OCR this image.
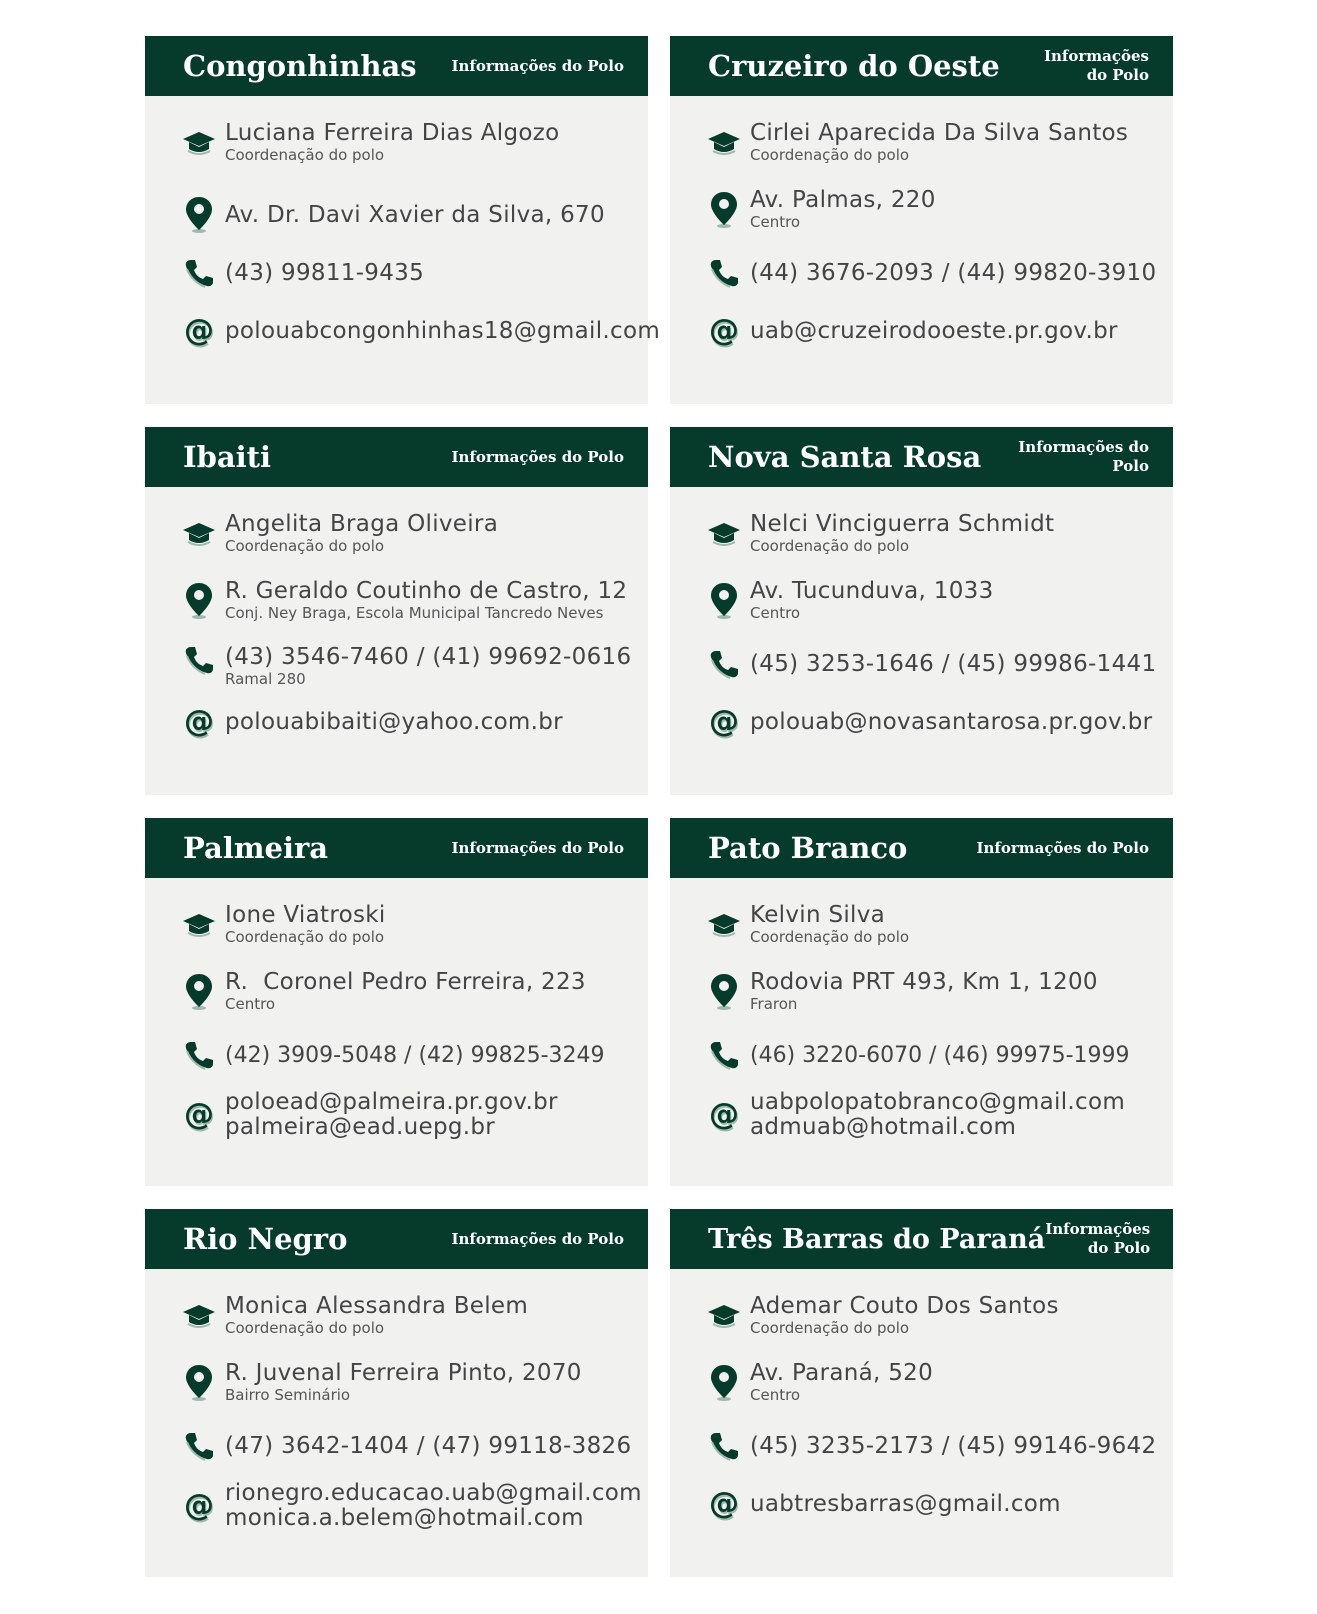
Congonhinhas Informações do Polo
Luciana Ferreira Dias Algozo
Coordenação do polo
Av. Dr. Davi Xavier da Silva, 670
(43) 99811-9435
@ polouabcongonhinhas18@gmail.com
Cruzeiro do Oeste	Informações
do Polo
Cirlei Aparecida Da Silva Santos
Coordenação do polo
Av. Palmas, 220
Centro
(44) 3676-2093 / (44) 99820-3910
@ uab@cruzeirodooeste.pr.gov.br
Ibaiti	Informações do Polo
Angelita Braga Oliveira
Coordenação do polo
R. Geraldo Coutinho de Castro, 12
Conj. Ney Braga, Escola Municipal Tancredo Neves
(43) 3546-7460 / (41) 99692-0616
Ramal 280
@ polouabibaiti@yahoo.com.br
Nova Santa Rosa	Informações do Polo
Nelci Vinciguerra Schmidt
Coordenação do polo
Av. Tucunduva, 1033
Centro
(45) 3253-1646 / (45) 99986-1441
@ polouab@novasantarosa.pr.gov.br
Palmeira	Informações do Polo
Ione Viatroski
Coordenação do polo
R.  Coronel Pedro Ferreira, 223
Centro
(42) 3909-5048 / (42) 99825-3249
@ poloead@palmeira.pr.gov.br
palmeira@ead.uepg.br
Pato Branco	Informações do Polo
Kelvin Silva
Coordenação do polo
Rodovia PRT 493, Km 1, 1200
Fraron
(46) 3220-6070 / (46) 99975-1999
@ uabpolopatobranco@gmail.com
admuab@hotmail.com
Rio Negro	Informações do Polo
Monica Alessandra Belem
Coordenação do polo
R. Juvenal Ferreira Pinto, 2070
Bairro Seminário
(47) 3642-1404 / (47) 99118-3826
@ rionegro.educacao.uab@gmail.com
monica.a.belem@hotmail.com
Três Barras do Paraná Informações
do Polo
Ademar Couto Dos Santos
Coordenação do polo
Av. Paraná, 520
Centro
(45) 3235-2173 / (45) 99146-9642
@ uabtresbarras@gmail.com
